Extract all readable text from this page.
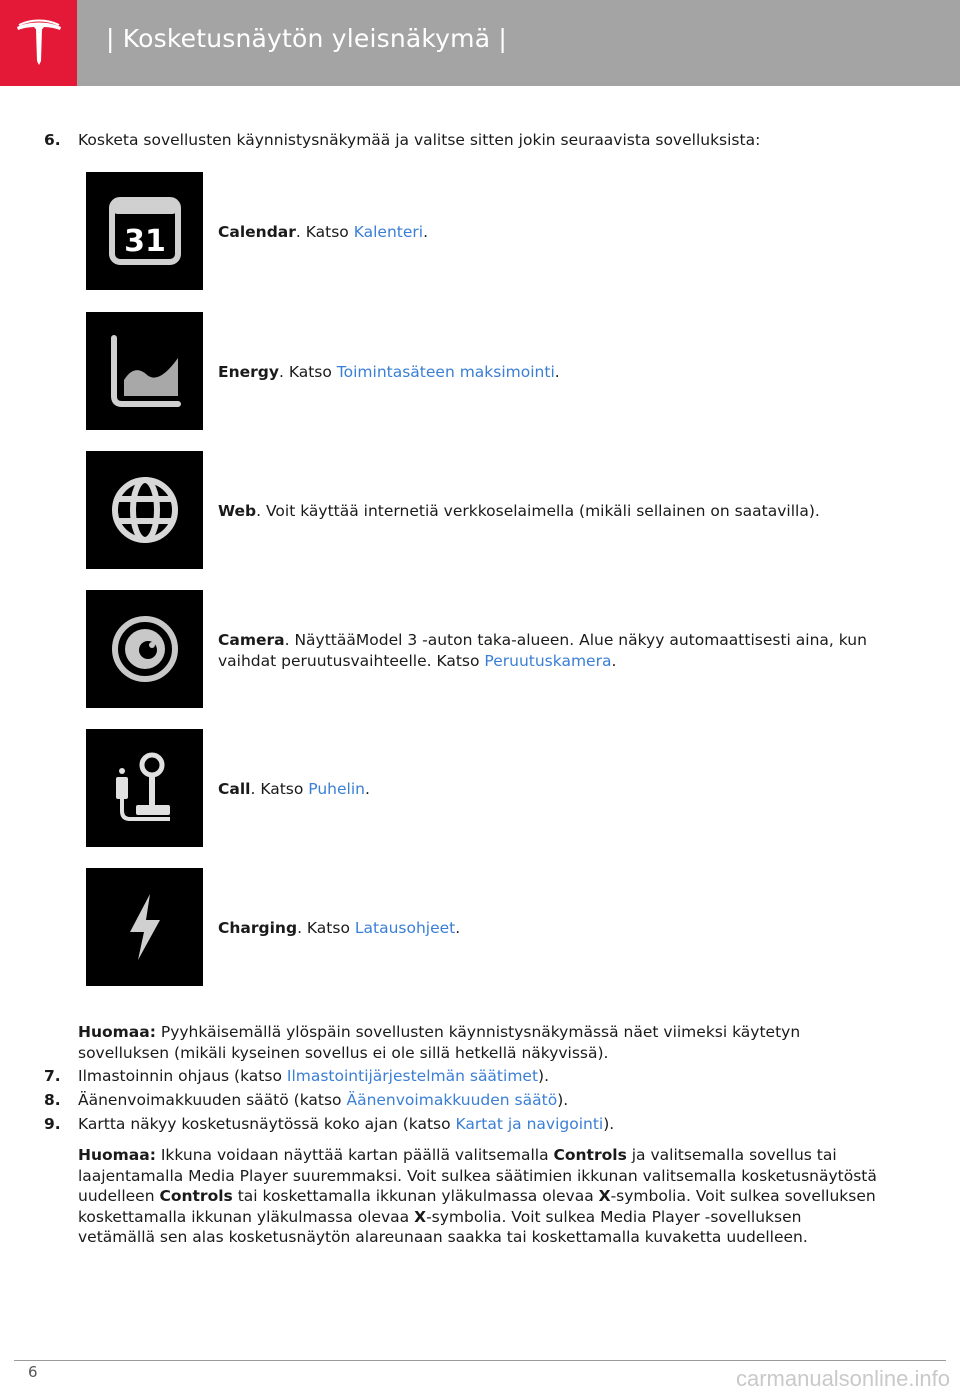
| Kosketusnäytön yleisnäkymä |
6. Kosketa sovellusten käynnistysnäkymää ja valitse sitten jokin seuraavista sovelluksista:
31	Calendar. Katso Kalenteri.
Energy. Katso Toimintasäteen maksimointi.
Web. Voit käyttää internetiä verkkoselaimella (mikäli sellainen on saatavilla).
Camera. NäyttääModel 3 -auton taka-alueen. Alue näkyy automaattisesti aina, kun vaihdat peruutusvaihteelle. Katso Peruutuskamera.
Call. Katso Puhelin.
Charging. Katso Latausohjeet.
Huomaa: Pyyhkäisemällä ylöspäin sovellusten käynnistysnäkymässä näet viimeksi käytetyn sovelluksen (mikäli kyseinen sovellus ei ole sillä hetkellä näkyvissä).
7. Ilmastoinnin ohjaus (katso Ilmastointijärjestelmän säätimet).
8. Äänenvoimakkuuden säätö (katso Äänenvoimakkuuden säätö).
9. Kartta näkyy kosketusnäytössä koko ajan (katso Kartat ja navigointi).
Huomaa: Ikkuna voidaan näyttää kartan päällä valitsemalla Controls ja valitsemalla sovellus tai laajentamalla Media Player suuremmaksi. Voit sulkea säätimien ikkunan valitsemalla kosketusnäytöstä uudelleen Controls tai koskettamalla ikkunan yläkulmassa olevaa X-symbolia. Voit sulkea sovelluksen koskettamalla ikkunan yläkulmassa olevaa X-symbolia. Voit sulkea Media Player -sovelluksen vetämällä sen alas kosketusnäytön alareunaan saakka tai koskettamalla kuvaketta uudelleen.
6	carmanualsonline.info
